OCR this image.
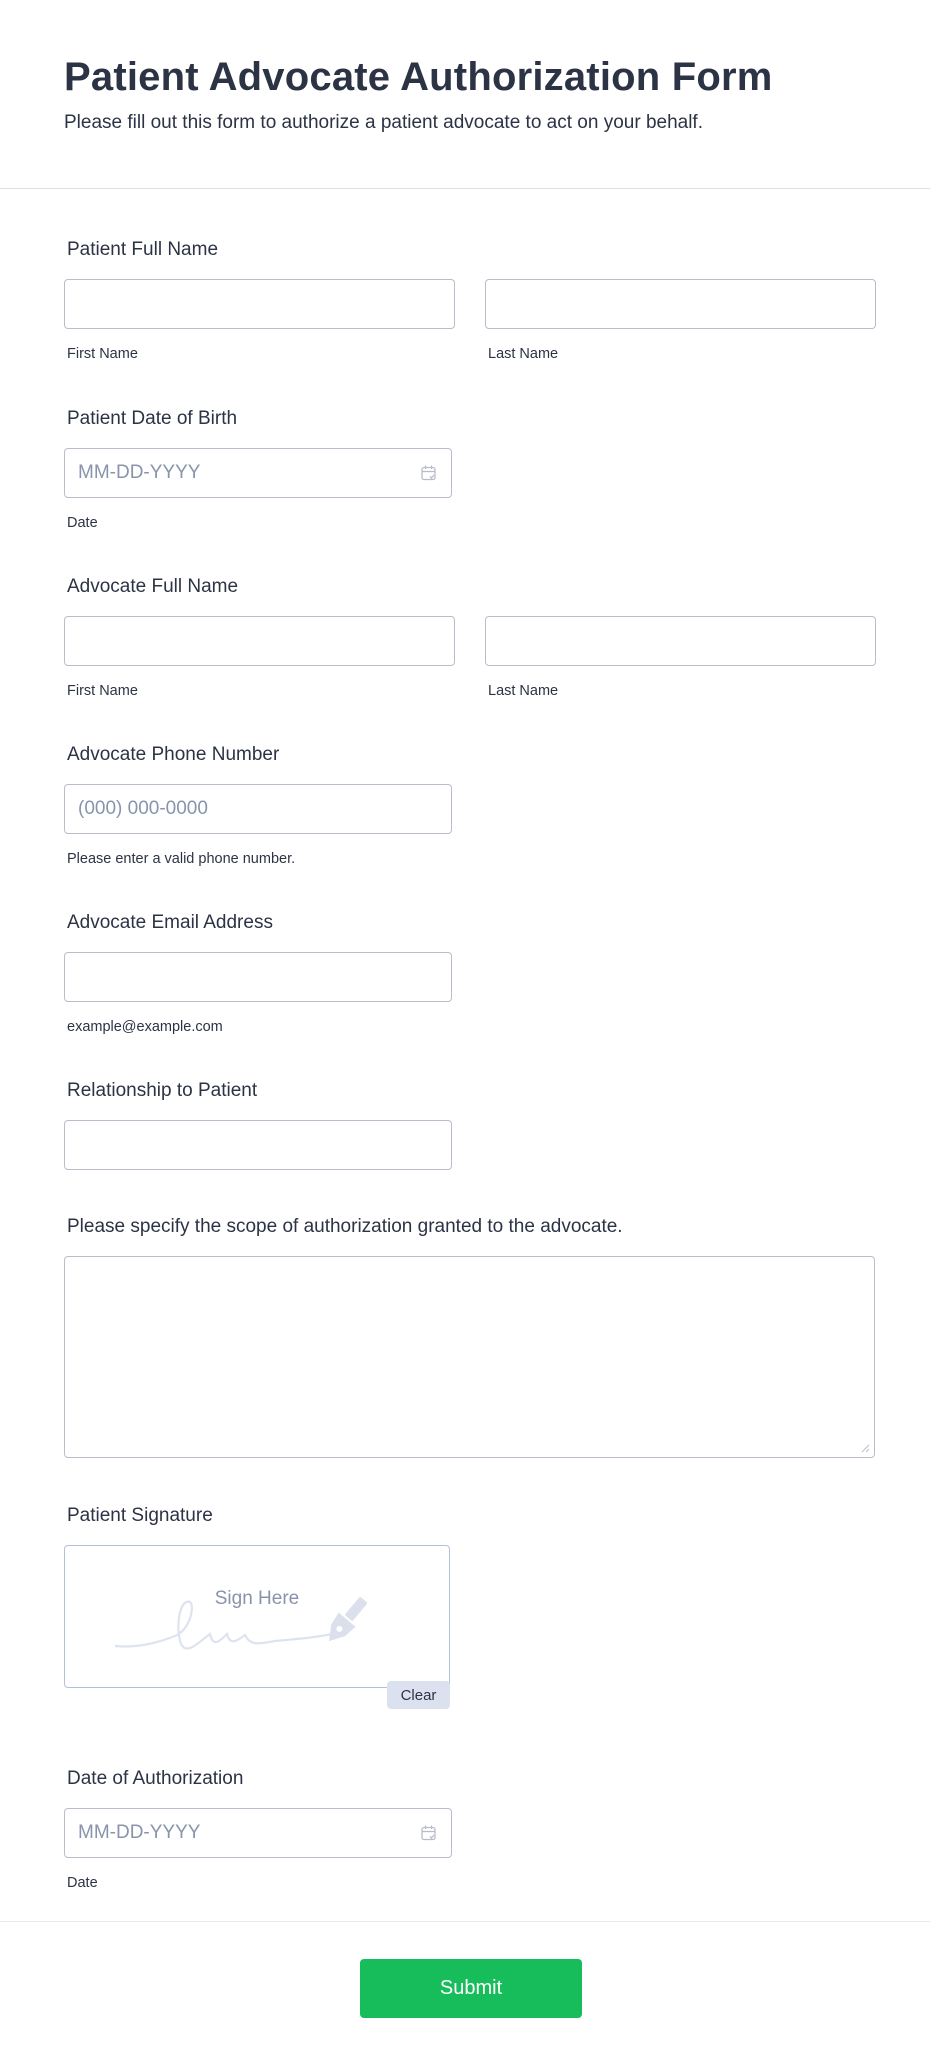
Patient Advocate Authorization Form

Please fill out this form to authorize a patient advocate to act on your behalf.

Patient Full Name
First Name	Last Name
Patient Date of Birth
MM-DD-YYYY
Date
Advocate Full Name
First Name	Last Name
Advocate Phone Number
(000) 000-0000
Please enter a valid phone number.
Advocate Email Address
example@example.com
Relationship to Patient
Please specify the scope of authorization granted to the advocate.
Patient Signature
Sign Here
Clear
Date of Authorization
MM-DD-YYYY
Date
Submit
